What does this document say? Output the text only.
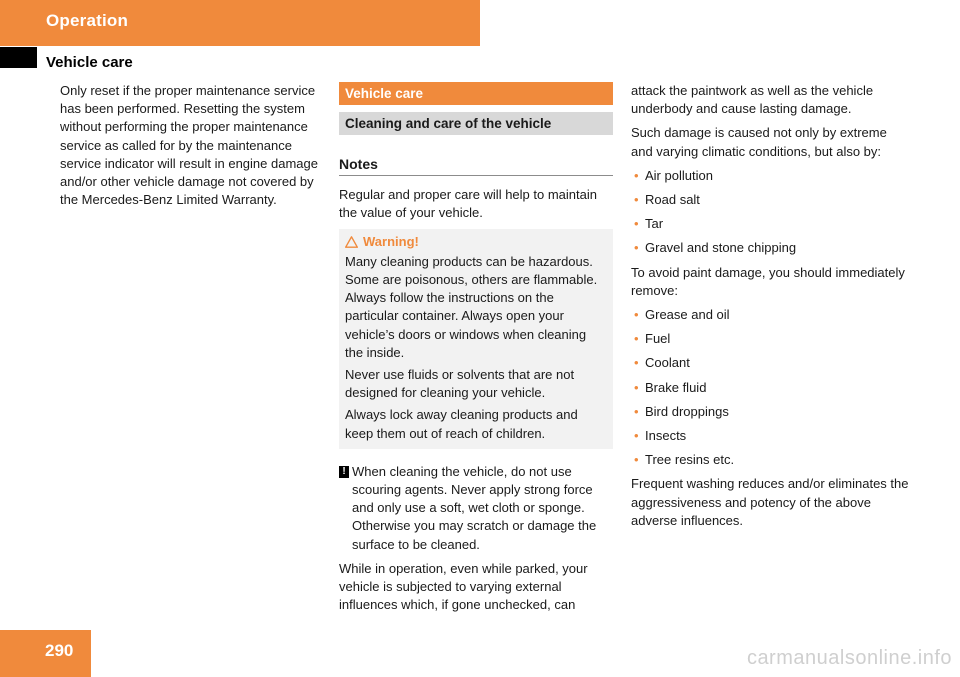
Operation
Vehicle care

Only reset if the proper maintenance service has been performed. Resetting the system without performing the proper maintenance service as called for by the maintenance service indicator will result in engine damage and/or other vehicle damage not covered by the Mercedes-Benz Limited Warranty.

Vehicle care
Cleaning and care of the vehicle
Notes

Regular and proper care will help to maintain the value of your vehicle.

Warning!

Many cleaning products can be hazardous. Some are poisonous, others are flammable. Always follow the instructions on the particular container. Always open your vehicle’s doors or windows when cleaning the inside.

Never use fluids or solvents that are not designed for cleaning your vehicle.

Always lock away cleaning products and keep them out of reach of children.

! When cleaning the vehicle, do not use scouring agents. Never apply strong force and only use a soft, wet cloth or sponge. Otherwise you may scratch or damage the surface to be cleaned.

While in operation, even while parked, your vehicle is subjected to varying external influences which, if gone unchecked, can

attack the paintwork as well as the vehicle underbody and cause lasting damage.

Such damage is caused not only by extreme and varying climatic conditions, but also by:

• Air pollution
• Road salt
• Tar
• Gravel and stone chipping

To avoid paint damage, you should immediately remove:

• Grease and oil
• Fuel
• Coolant
• Brake fluid
• Bird droppings
• Insects
• Tree resins etc.

Frequent washing reduces and/or eliminates the aggressiveness and potency of the above adverse influences.

290	carmanualsonline.info
